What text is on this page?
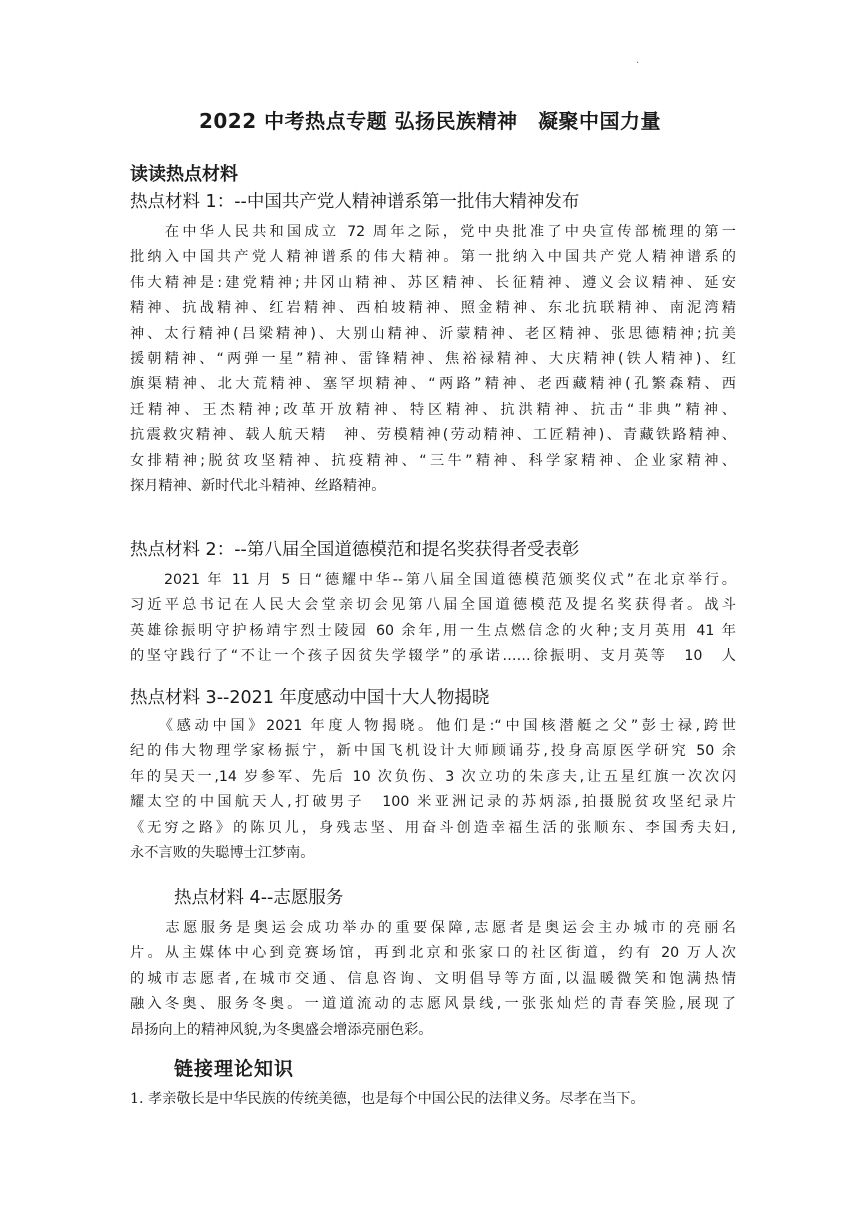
·
2022 中考热点专题 弘扬民族精神　凝聚中国力量
读读热点材料
热点材料 1：--中国共产党人精神谱系第一批伟大精神发布
　　在中华人民共和国成立 72 周年之际，党中央批准了中央宣传部梳理的第一
批纳入中国共产党人精神谱系的伟大精神。第一批纳入中国共产党人精神谱系的
伟大精神是:建党精神;井冈山精神、苏区精神、长征精神、遵义会议精神、延安
精神、抗战精神、红岩精神、西柏坡精神、照金精神、东北抗联精神、南泥湾精
神、太行精神(吕梁精神)、大别山精神、沂蒙精神、老区精神、张思德精神;抗美
援朝精神、“两弹一星”精神、雷锋精神、焦裕禄精神、大庆精神(铁人精神)、红
旗渠精神、北大荒精神、塞罕坝精神、“两路”精神、老西藏精神(孔繁森精、西
迁精神、王杰精神;改革开放精神、特区精神、抗洪精神、抗击“非典”精神、
抗震救灾精神、载人航天精　神、劳模精神(劳动精神、工匠精神)、青藏铁路精神、
女排精神;脱贫攻坚精神、抗疫精神、“三牛”精神、科学家精神、企业家精神、
探月精神、新时代北斗精神、丝路精神。
热点材料 2：--第八届全国道德模范和提名奖获得者受表彰
　　2021 年 11 月 5 日“德耀中华--第八届全国道德模范颁奖仪式”在北京举行。
习近平总书记在人民大会堂亲切会见第八届全国道德模范及提名奖获得者。战斗
英雄徐振明守护杨靖宇烈士陵园 60 余年,用一生点燃信念的火种;支月英用 41 年
的坚守践行了“不让一个孩子因贫失学辍学”的承诺……徐振明、支月英等　10　人
热点材料 3--2021 年度感动中国十大人物揭晓
　　《感动中国》2021 年度人物揭晓。他们是:“中国核潜艇之父”彭士禄,跨世
纪的伟大物理学家杨振宁，新中国飞机设计大师顾诵芬,投身高原医学研究 50 余
年的吴天一,14 岁参军、先后 10 次负伤、3 次立功的朱彦夫,让五星红旗一次次闪
耀太空的中国航天人,打破男子　100 米亚洲记录的苏炳添,拍摄脱贫攻坚纪录片
《无穷之路》的陈贝儿，身残志坚、用奋斗创造幸福生活的张顺东、李国秀夫妇,
永不言败的失聪博士江梦南。
热点材料 4--志愿服务
　　志愿服务是奥运会成功举办的重要保障,志愿者是奥运会主办城市的亮丽名
片。从主媒体中心到竞赛场馆，再到北京和张家口的社区街道，约有 20 万人次
的城市志愿者,在城市交通、信息咨询、文明倡导等方面,以温暖微笑和饱满热情
融入冬奥、服务冬奥。一道道流动的志愿风景线,一张张灿烂的青春笑脸,展现了
昂扬向上的精神风貌,为冬奥盛会增添亮丽色彩。
链接理论知识
1. 孝亲敬长是中华民族的传统美德，也是每个中国公民的法律义务。尽孝在当下。
